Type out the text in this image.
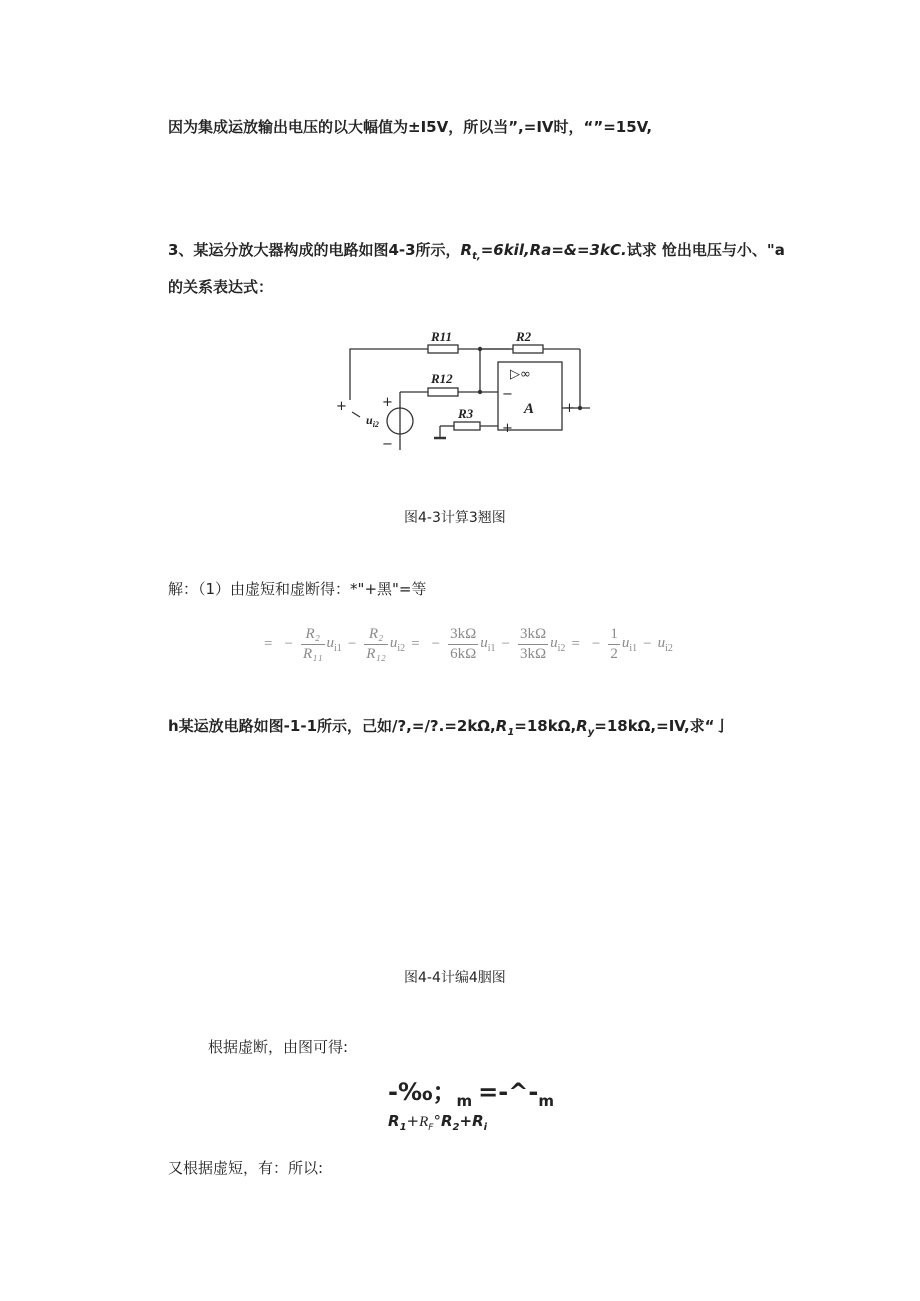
因为集成运放输出电压的以大幅值为±I5V，所以当”,=IV时，“”=15V,
3、某运分放大器构成的电路如图4-3所示，$R_{t,}=6kil,Ra=\&=3kC$.试求 怆出电压与小、"a
的关系表达式：
R11	R2
R12
R3	A
$u_{i2}$
▷∞
−
+
+
+	+
−
图4-3计算3翘图
解：（1）由虚短和虚断得：*"+黑"=等
= − $\frac{\text{R₂}}{\text{R₁₁}} u_{i1} - \frac{\text{R₂}}{\text{R₁₂}} u_{i2}$ = − $\frac{3k\Omega}{6k\Omega} u_{i1} - \frac{3k\Omega}{3k\Omega} u_{i2}$ = − $\frac{1}{2} u_{i1} - u_{i2}$
h某运放电路如图-1-1所示，己如$/?,=/?.=2k\Omega,R_1=18k\Omega,R_y=18k\Omega,=IV$,求“亅
图4-4计编4胭图
根据虚断，由图可得:
-‰；$_m =-\^{}-_m$
$R_1+R_F^\circ R_2+R_i$
又根据虚短，有：所以:
